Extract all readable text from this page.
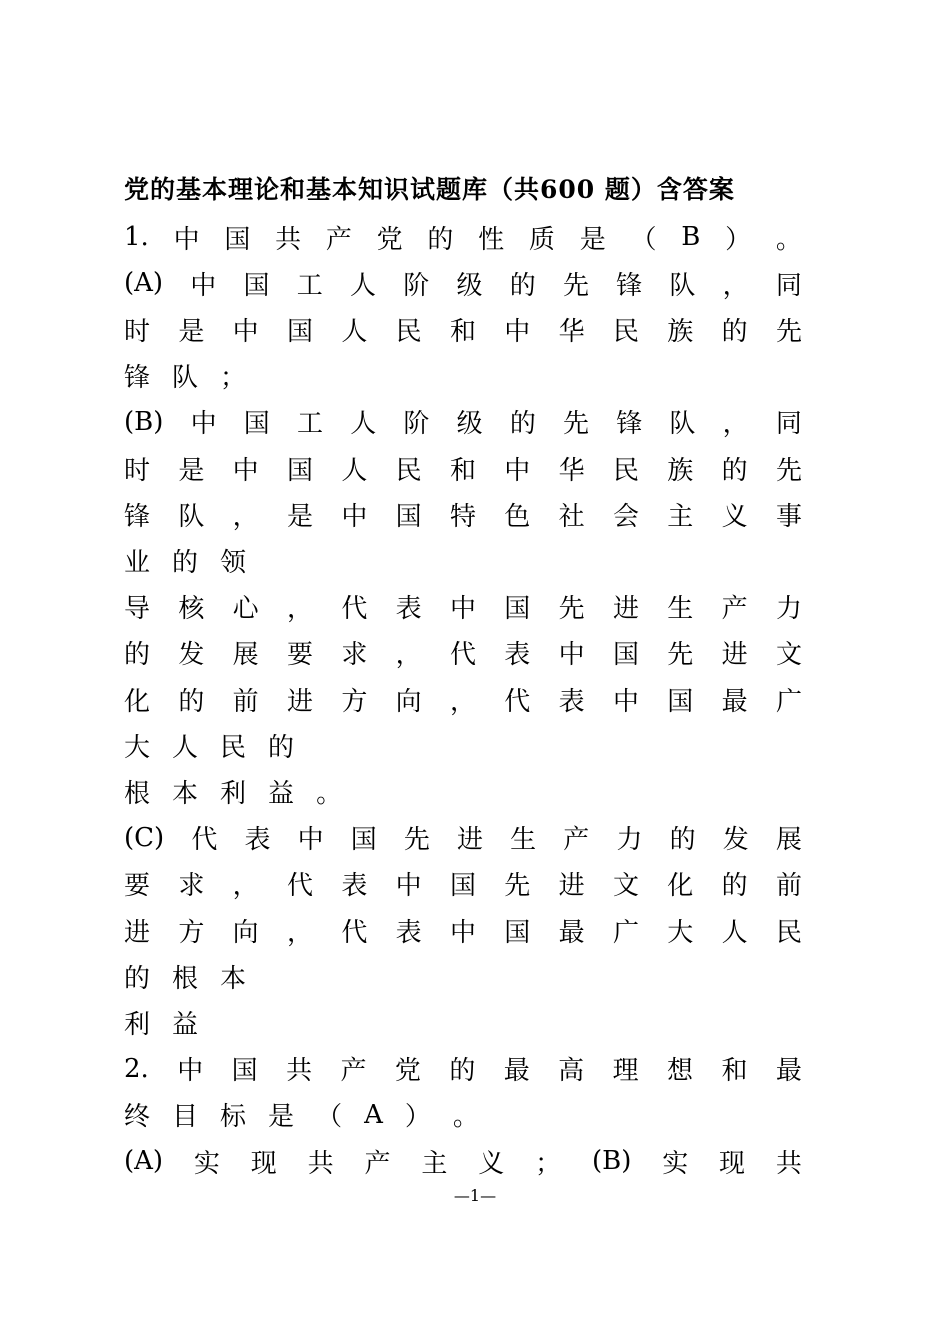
党的基本理论和基本知识试题库（共600 题）含答案
1. 中 国 共 产 党 的 性 质 是 （ B ） 。
(A) 中 国 工 人 阶 级 的 先 锋 队 ， 同
时 是 中 国 人 民 和 中 华 民 族 的 先
锋 队 ；
(B) 中 国 工 人 阶 级 的 先 锋 队 ， 同
时 是 中 国 人 民 和 中 华 民 族 的 先
锋 队 ， 是 中 国 特 色 社 会 主 义 事
业 的 领
导 核 心 ， 代 表 中 国 先 进 生 产 力
的 发 展 要 求 ， 代 表 中 国 先 进 文
化 的 前 进 方 向 ， 代 表 中 国 最 广
大 人 民 的
根 本 利 益 。
(C) 代 表 中 国 先 进 生 产 力 的 发 展
要 求 ， 代 表 中 国 先 进 文 化 的 前
进 方 向 ， 代 表 中 国 最 广 大 人 民
的 根 本
利 益
2. 中 国 共 产 党 的 最 高 理 想 和 最
终 目 标 是 （ A ） 。
(A) 实 现 共 产 主 义 ； (B) 实 现 共
—1—
